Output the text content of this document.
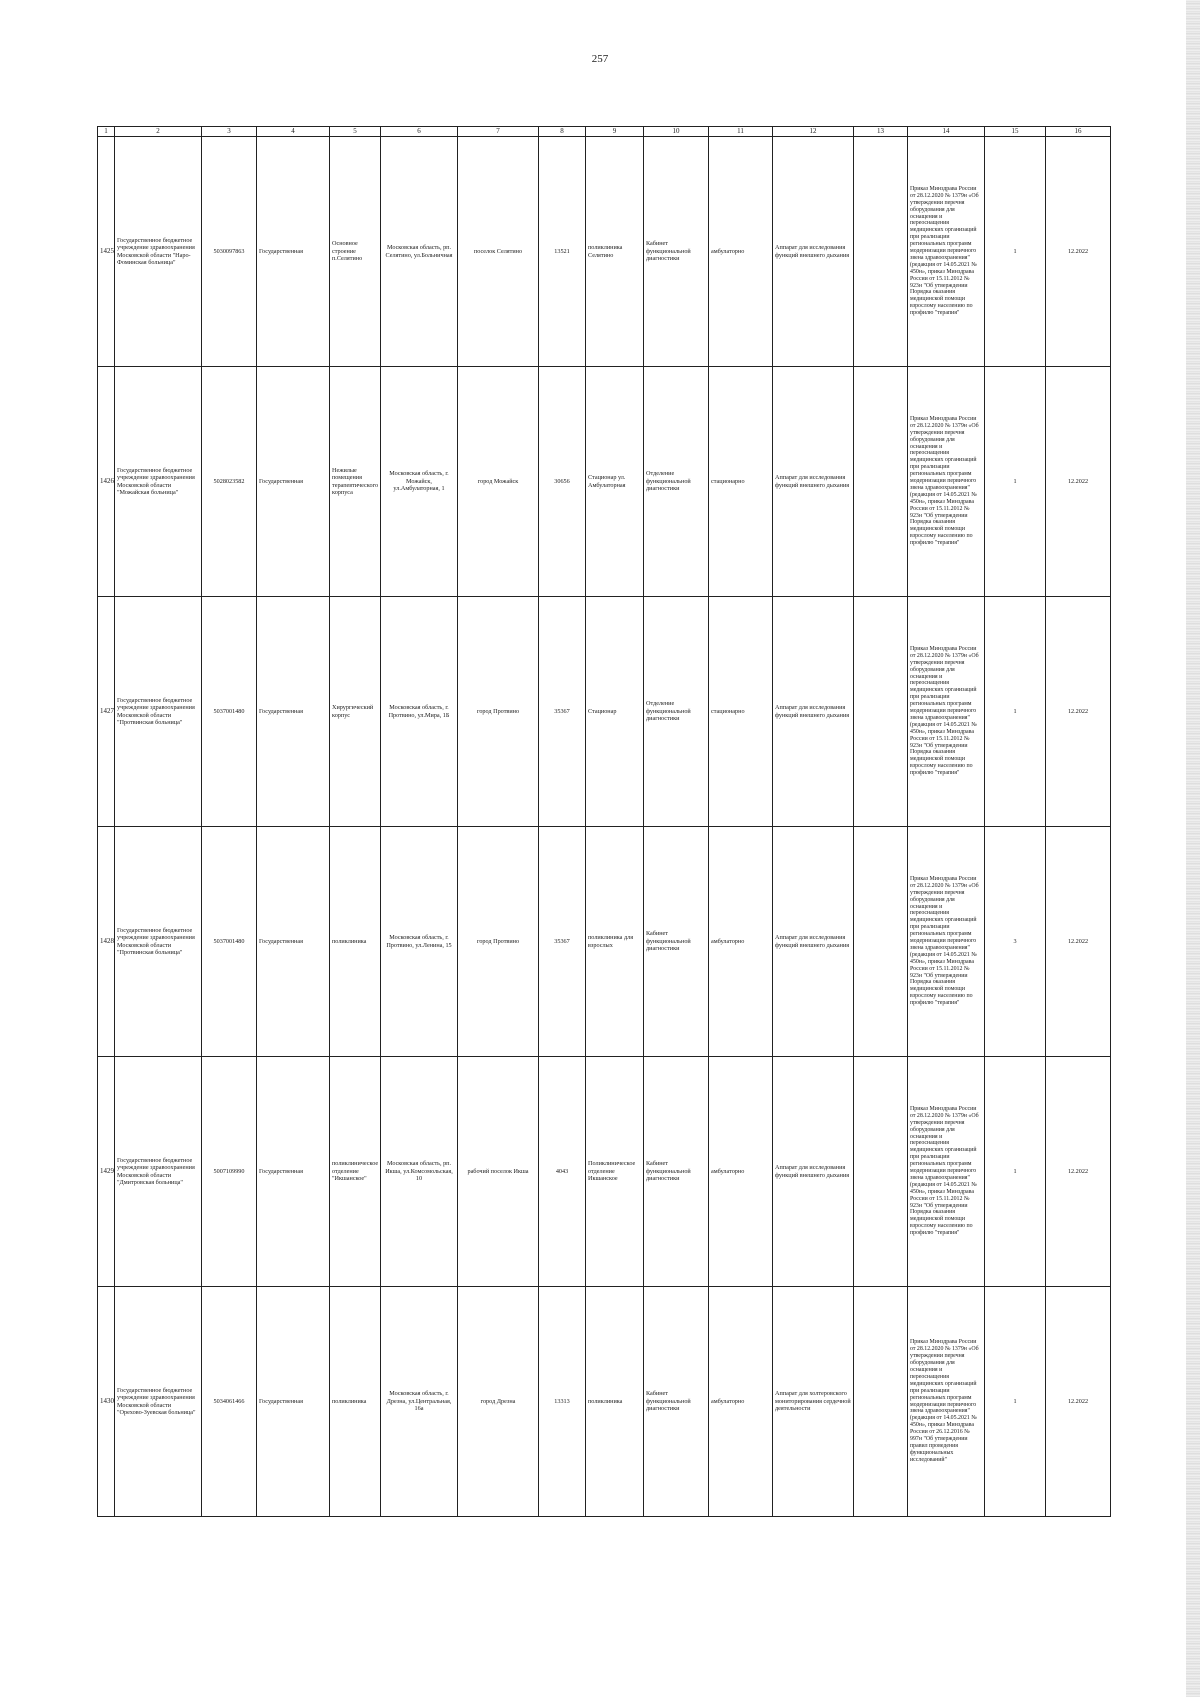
257
1	2	3	4	5	6	7	8	9	10	11	12	13	14	15	16
1425	Государственное бюджетное учреждение здравоохранения Московской области "Наро-Фоминская больница"	5030097863	Государственная	Основное строение п.Селятино	Московская область, рп. Селятино, ул.Больничная	поселок Селятино	13521	поликлиника Селятино	Кабинет функциональной диагностики	амбулаторно	Аппарат для исследования функций внешнего дыхания		Приказ Минздрава России от 28.12.2020 № 1379н «Об утверждении перечня оборудования для оснащения и переоснащения медицинских организаций при реализации региональных программ модернизации первичного звена здравоохранения"(редакция от 14.05.2021 № 450н», приказ Минздрава России от 15.11.2012 № 923н "Об утверждении Порядка оказания медицинской помощи взрослому населению по профилю "терапия"	1	12.2022
1426	Государственное бюджетное учреждение здравоохранения Московской области "Можайская больница"	5028023582	Государственная	Нежилые помещения терапевтического корпуса	Московская область, г. Можайск, ул.Амбулаторная, 1	город Можайск	30656	Стационар ул. Амбулаторная	Отделение функциональной диагностики	стационарно	Аппарат для исследования функций внешнего дыхания		Приказ Минздрава России от 28.12.2020 № 1379н «Об утверждении перечня оборудования для оснащения и переоснащения медицинских организаций при реализации региональных программ модернизации первичного звена здравоохранения"(редакция от 14.05.2021 № 450н», приказ Минздрава России от 15.11.2012 № 923н "Об утверждении Порядка оказания медицинской помощи взрослому населению по профилю "терапия"	1	12.2022
1427	Государственное бюджетное учреждение здравоохранения Московской области "Протвинская больница"	5037001480	Государственная	Хирургический корпус	Московская область, г. Протвино, ул.Мира, 1Б	город Протвино	35367	Стационар	Отделение функциональной диагностики	стационарно	Аппарат для исследования функций внешнего дыхания		Приказ Минздрава России от 28.12.2020 № 1379н «Об утверждении перечня оборудования для оснащения и переоснащения медицинских организаций при реализации региональных программ модернизации первичного звена здравоохранения"(редакция от 14.05.2021 № 450н», приказ Минздрава России от 15.11.2012 № 923н "Об утверждении Порядка оказания медицинской помощи взрослому населению по профилю "терапия"	1	12.2022
1428	Государственное бюджетное учреждение здравоохранения Московской области "Протвинская больница"	5037001480	Государственная	поликлиника	Московская область, г. Протвино, ул.Ленина, 15	город Протвино	35367	поликлиника для взрослых	Кабинет функциональной диагностики	амбулаторно	Аппарат для исследования функций внешнего дыхания		Приказ Минздрава России от 28.12.2020 № 1379н «Об утверждении перечня оборудования для оснащения и переоснащения медицинских организаций при реализации региональных программ модернизации первичного звена здравоохранения"(редакция от 14.05.2021 № 450н», приказ Минздрава России от 15.11.2012 № 923н "Об утверждении Порядка оказания медицинской помощи взрослому населению по профилю "терапия"	3	12.2022
1429	Государственное бюджетное учреждение здравоохранения Московской области "Дмитровская больница"	5007109990	Государственная	поликлиническое отделение "Икшанское"	Московская область, рп. Икша, ул.Комсомольская, 10	рабочий поселок Икша	4043	Поликлиническое отделение Икшанское	Кабинет функциональной диагностики	амбулаторно	Аппарат для исследования функций внешнего дыхания		Приказ Минздрава России от 28.12.2020 № 1379н «Об утверждении перечня оборудования для оснащения и переоснащения медицинских организаций при реализации региональных программ модернизации первичного звена здравоохранения"(редакция от 14.05.2021 № 450н», приказ Минздрава России от 15.11.2012 № 923н "Об утверждении Порядка оказания медицинской помощи взрослому населению по профилю "терапия"	1	12.2022
1430	Государственное бюджетное учреждение здравоохранения Московской области "Орехово-Зуевская больница"	5034061466	Государственная	поликлиника	Московская область, г. Дрезна, ул.Центральная, 16а	город Дрезна	13313	поликлиника	Кабинет функциональной диагностики	амбулаторно	Аппарат для холтеровского мониторирования сердечной деятельности		Приказ Минздрава России от 28.12.2020 № 1379н «Об утверждении перечня оборудования для оснащения и переоснащения медицинских организаций при реализации региональных программ модернизации первичного звена здравоохранения"(редакция от 14.05.2021 № 450н», приказ Минздрава России от 26.12.2016 № 997н "Об утверждении правил проведения функциональных исследований"	1	12.2022
